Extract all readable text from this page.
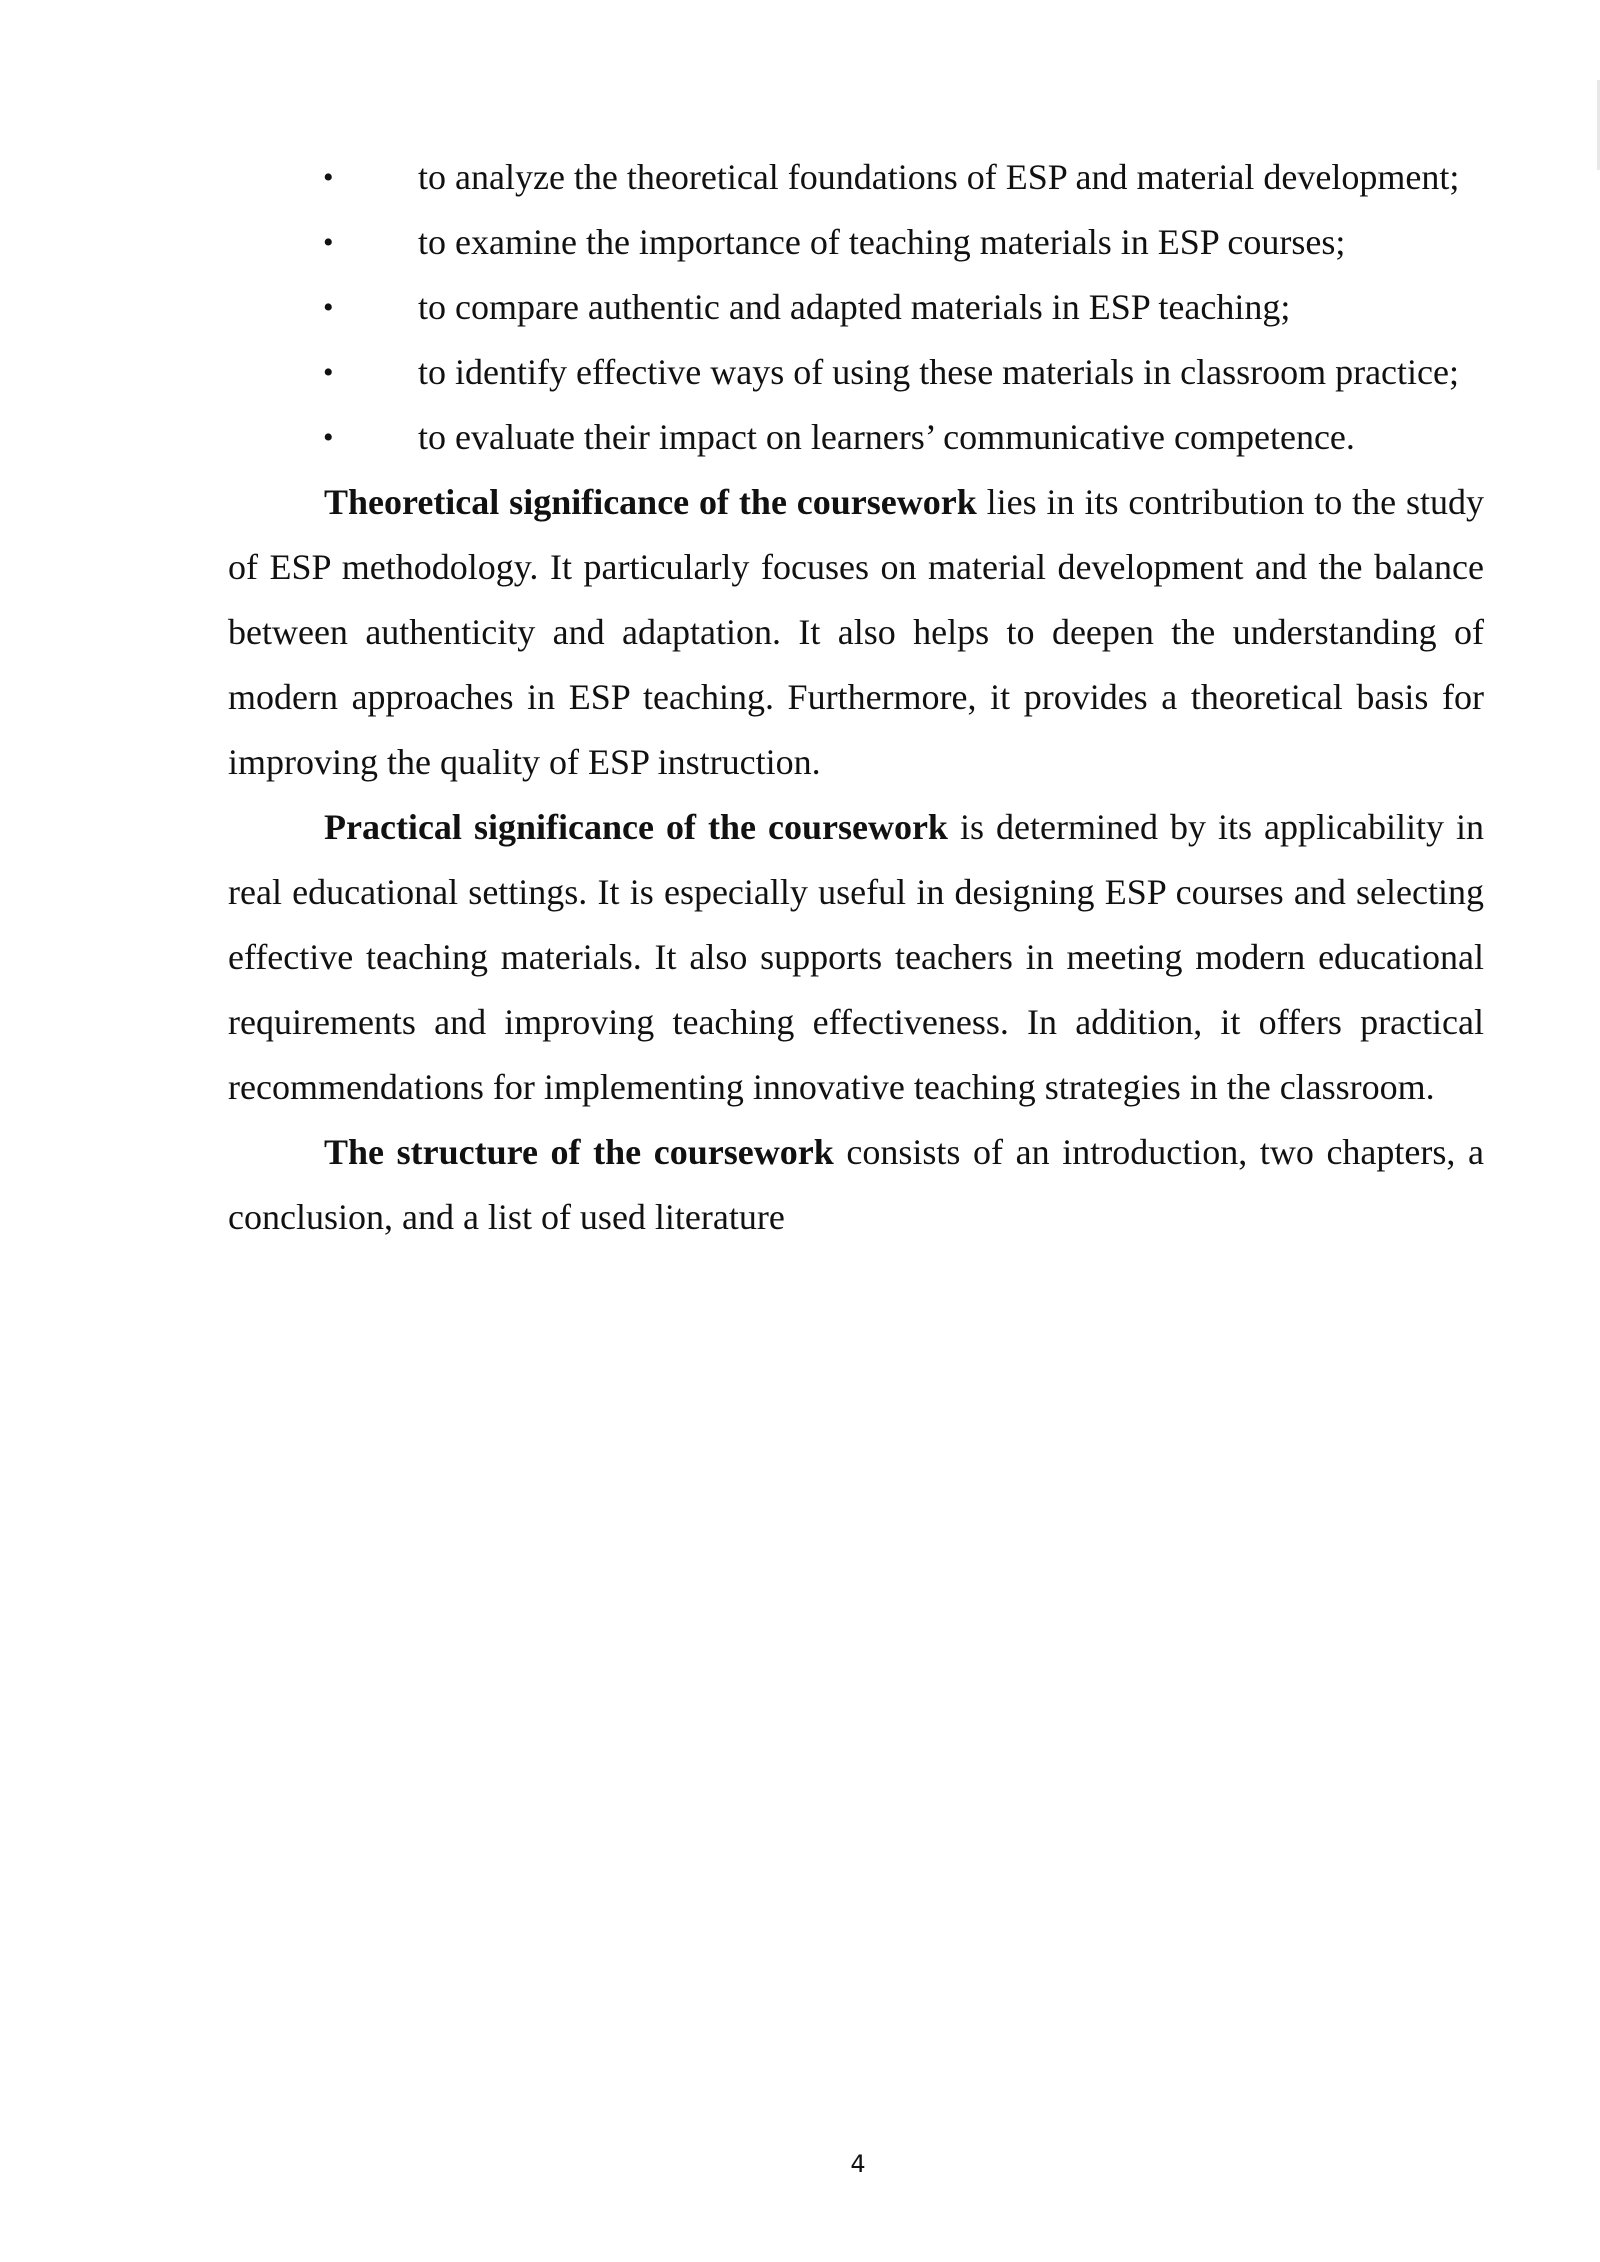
• to analyze the theoretical foundations of ESP and material development;

• to examine the importance of teaching materials in ESP courses;

• to compare authentic and adapted materials in ESP teaching;

• to identify effective ways of using these materials in classroom practice;

• to evaluate their impact on learners’ communicative competence.

Theoretical significance of the coursework lies in its contribution to the study of ESP methodology. It particularly focuses on material development and the balance between authenticity and adaptation. It also helps to deepen the understanding of modern approaches in ESP teaching. Furthermore, it provides a theoretical basis for improving the quality of ESP instruction.

Practical significance of the coursework is determined by its applicability in real educational settings. It is especially useful in designing ESP courses and selecting effective teaching materials. It also supports teachers in meeting modern educational requirements and improving teaching effectiveness. In addition, it offers practical recommendations for implementing innovative teaching strategies in the classroom.

The structure of the coursework consists of an introduction, two chapters, a conclusion, and a list of used literature

4
